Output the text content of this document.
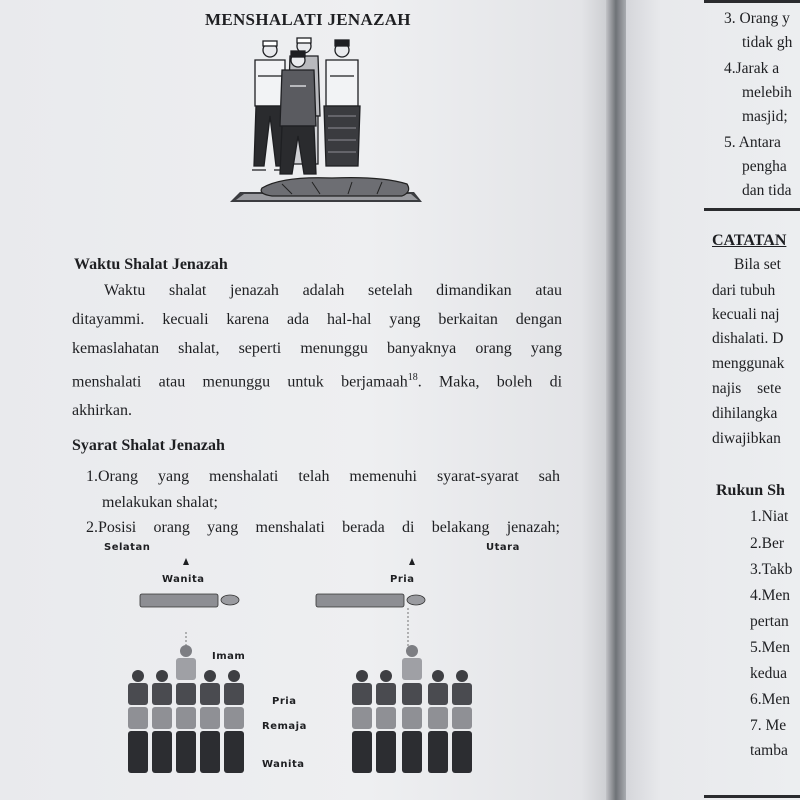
MENSHALATI JENAZAH
Waktu Shalat Jenazah
Waktu shalat jenazah adalah setelah dimandikan atau
ditayammi. kecuali karena ada hal-hal yang berkaitan dengan
kemaslahatan shalat, seperti menunggu banyaknya orang yang
menshalati atau menunggu untuk berjamaah$^{18}$. Maka, boleh di
akhirkan.
Syarat Shalat Jenazah
1.Orang yang menshalati telah memenuhi syarat-syarat sah
melakukan shalat;
2.Posisi orang yang menshalati berada di belakang jenazah;
Selatan	Utara
Wanita	Pria
Imam
Pria
Remaja
Wanita
3. Orang y
tidak gh
4.Jarak a
melebih
masjid;
5. Antara
pengha
dan tida
CATATAN
Bila set
dari tubuh
kecuali naj
dishalati. D
menggunak
najis sete
dihilangka
diwajibkan
Rukun Sh
1.Niat
2.Ber
3.Takb
4.Men
pertan
5.Men
kedua
6.Men
7. Me
tamba
